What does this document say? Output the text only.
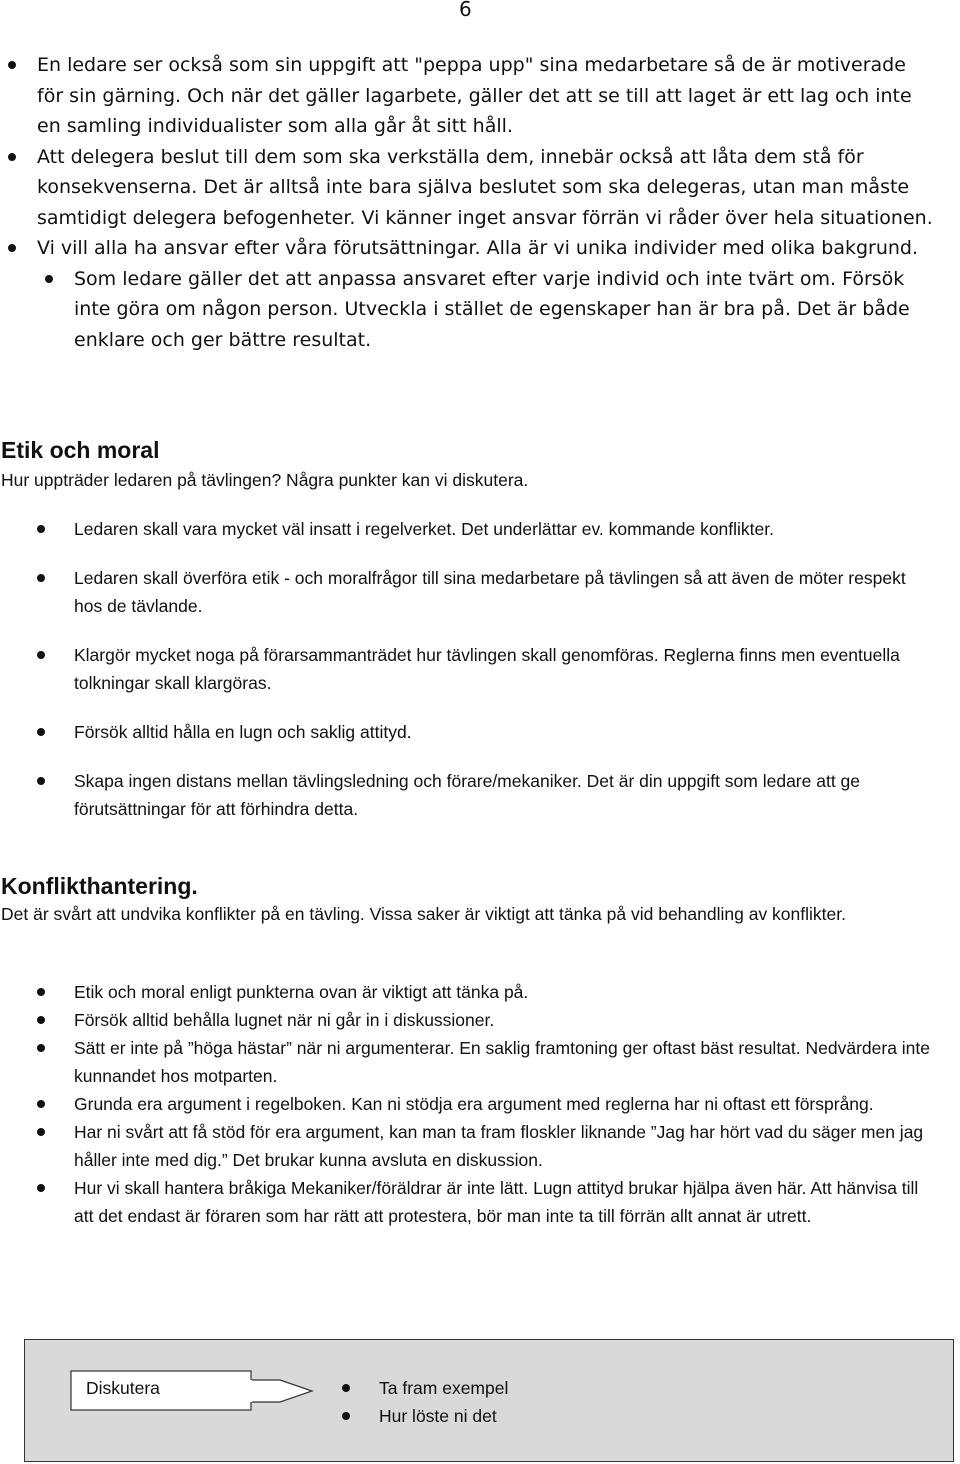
6
En ledare ser också som sin uppgift att "peppa upp" sina medarbetare så de är motiverade för sin gärning. Och när det gäller lagarbete, gäller det att se till att laget är ett lag och inte en samling individualister som alla går åt sitt håll.
Att delegera beslut till dem som ska verkställa dem, innebär också att låta dem stå för konsekvenserna. Det är alltså inte bara själva beslutet som ska delegeras, utan man måste samtidigt delegera befogenheter. Vi känner inget ansvar förrän vi råder över hela situationen.
Vi vill alla ha ansvar efter våra förutsättningar. Alla är vi unika individer med olika bakgrund.
Som ledare gäller det att anpassa ansvaret efter varje individ och inte tvärt om. Försök inte göra om någon person. Utveckla i stället de egenskaper han är bra på. Det är både enklare och ger bättre resultat.
Etik och moral

Hur uppträder ledaren på tävlingen? Några punkter kan vi diskutera.

Ledaren skall vara mycket väl insatt i regelverket. Det underlättar ev. kommande konflikter.
Ledaren skall överföra etik - och moralfrågor till sina medarbetare på tävlingen så att även de möter respekt hos de tävlande.
Klargör mycket noga på förarsammanträdet hur tävlingen skall genomföras. Reglerna finns men eventuella tolkningar skall klargöras.
Försök alltid hålla en lugn och saklig attityd.
Skapa ingen distans mellan tävlingsledning och förare/mekaniker. Det är din uppgift som ledare att ge förutsättningar för att förhindra detta.
Konflikthantering.

Det är svårt att undvika konflikter på en tävling. Vissa saker är viktigt att tänka på vid behandling av konflikter.

Etik och moral enligt punkterna ovan är viktigt att tänka på.
Försök alltid behålla lugnet när ni går in i diskussioner.
Sätt er inte på ”höga hästar” när ni argumenterar. En saklig framtoning ger oftast bäst resultat. Nedvärdera inte kunnandet hos motparten.
Grunda era argument i regelboken. Kan ni stödja era argument med reglerna har ni oftast ett försprång.
Har ni svårt att få stöd för era argument, kan man ta fram floskler liknande ”Jag har hört vad du säger men jag håller inte med dig.” Det brukar kunna avsluta en diskussion.
Hur vi skall hantera bråkiga Mekaniker/föräldrar är inte lätt. Lugn attityd brukar hjälpa även här. Att hänvisa till att det endast är föraren som har rätt att protestera, bör man inte ta till förrän allt annat är utrett.
Diskutera	Ta fram exempel
Hur löste ni det
